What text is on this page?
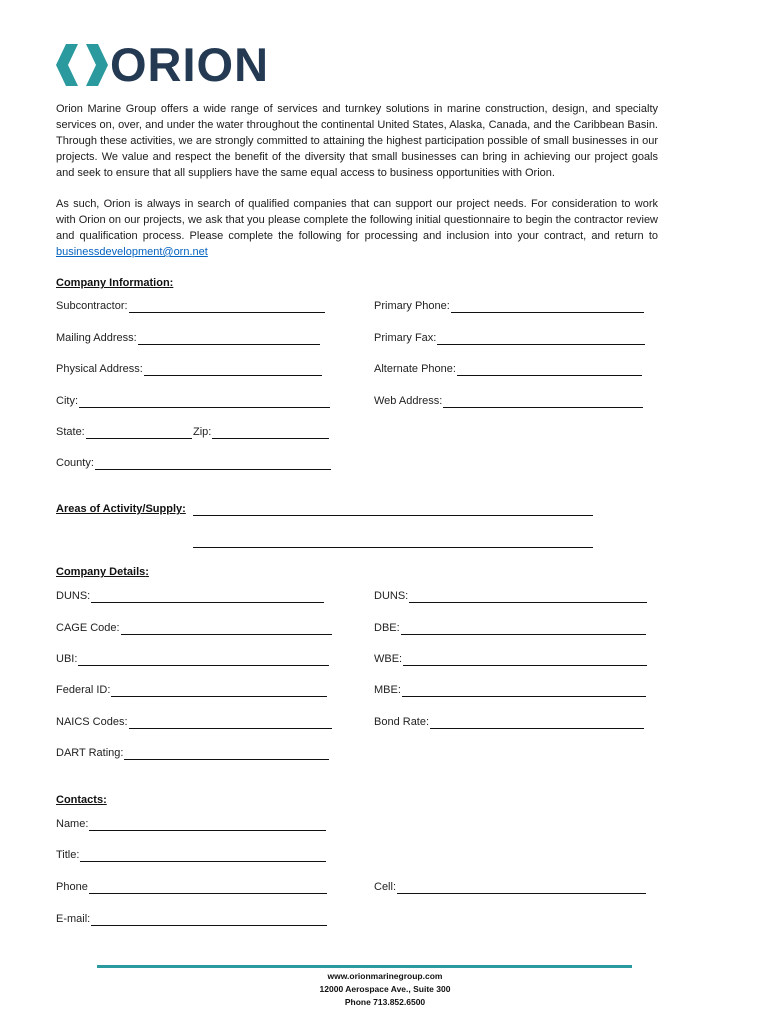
ORION

Orion Marine Group offers a wide range of services and turnkey solutions in marine construction, design, and specialty services on, over, and under the water throughout the continental United States, Alaska, Canada, and the Caribbean Basin. Through these activities, we are strongly committed to attaining the highest participation possible of small businesses in our projects. We value and respect the benefit of the diversity that small businesses can bring in achieving our project goals and seek to ensure that all suppliers have the same equal access to business opportunities with Orion.

As such, Orion is always in search of qualified companies that can support our project needs. For consideration to work with Orion on our projects, we ask that you please complete the following initial questionnaire to begin the contractor review and qualification process. Please complete the following for processing and inclusion into your contract, and return to businessdevelopment@orn.net

Company Information:
Subcontractor:	Primary Phone:
Mailing Address:	Primary Fax:
Physical Address:	Alternate Phone:
City:	Web Address:
State:	Zip:
County:
Areas of Activity/Supply:
Company Details:
DUNS:	DUNS:
CAGE Code:	DBE:
UBI:	WBE:
Federal ID:	MBE:
NAICS Codes:	Bond Rate:
DART Rating:
Contacts:
Name:
Title:
Phone	Cell:
E-mail:
www.orionmarinegroup.com
12000 Aerospace Ave., Suite 300
Phone 713.852.6500
